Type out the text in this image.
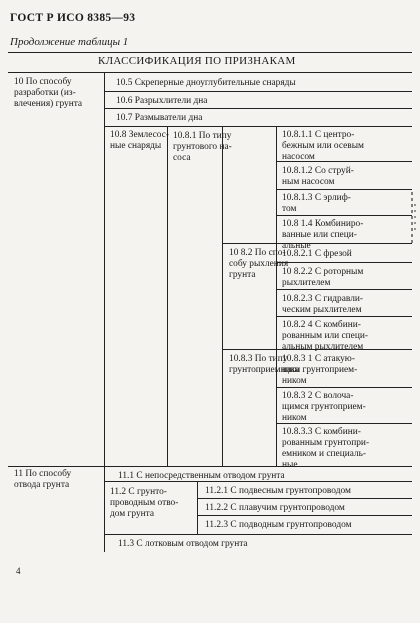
ГОСТ Р ИСО 8385—93
Продолжение таблицы 1
КЛАССИФИКАЦИЯ ПО ПРИЗНАКАМ
10 По способу
разработки (из-
влечения) грунта
11 По способу
отвода грунта
10.5 Скреперные дноуглубительные снаряды
10.6 Разрыхлители дна
10.7 Размыватели дна
10.8 Землесос-
ные снаряды
10.8.1 По типу
грунтового на-
соса
10.8.1.1 С центро-
бежным или осевым
насосом
10.8.1.2 Со струй-
ным насосом
10.8.1.3 С эрлиф-
том
10.8 1.4 Комбиниро-
ванные или специ-
альные
10 8.2 По спо-
собу рыхления
грунта
10.8.2.1 С фрезой
10 8.2.2 С роторным
рыхлителем
10.8.2.3 С гидравли-
ческим рыхлителем
10.8.2 4 С комбини-
рованным или специ-
альным рыхлителем
10.8.3 По типу
грунтоприемника
10.8.3 1 С атакую-
щим грунтоприем-
ником
10.8.3 2 С волоча-
щимся грунтоприем-
ником
10.8.3.3 С комбини-
рованным грунтопри-
емником и специаль-
ные
11.1 С непосредственным отводом грунта
11.2 С грунто-
проводным отво-
дом грунта
11.2.1 С подвесным грунтопроводом
11.2.2 С плавучим грунтопроводом
11.2.3 С подводным грунтопроводом
11.3 С лотковым отводом грунта
4
